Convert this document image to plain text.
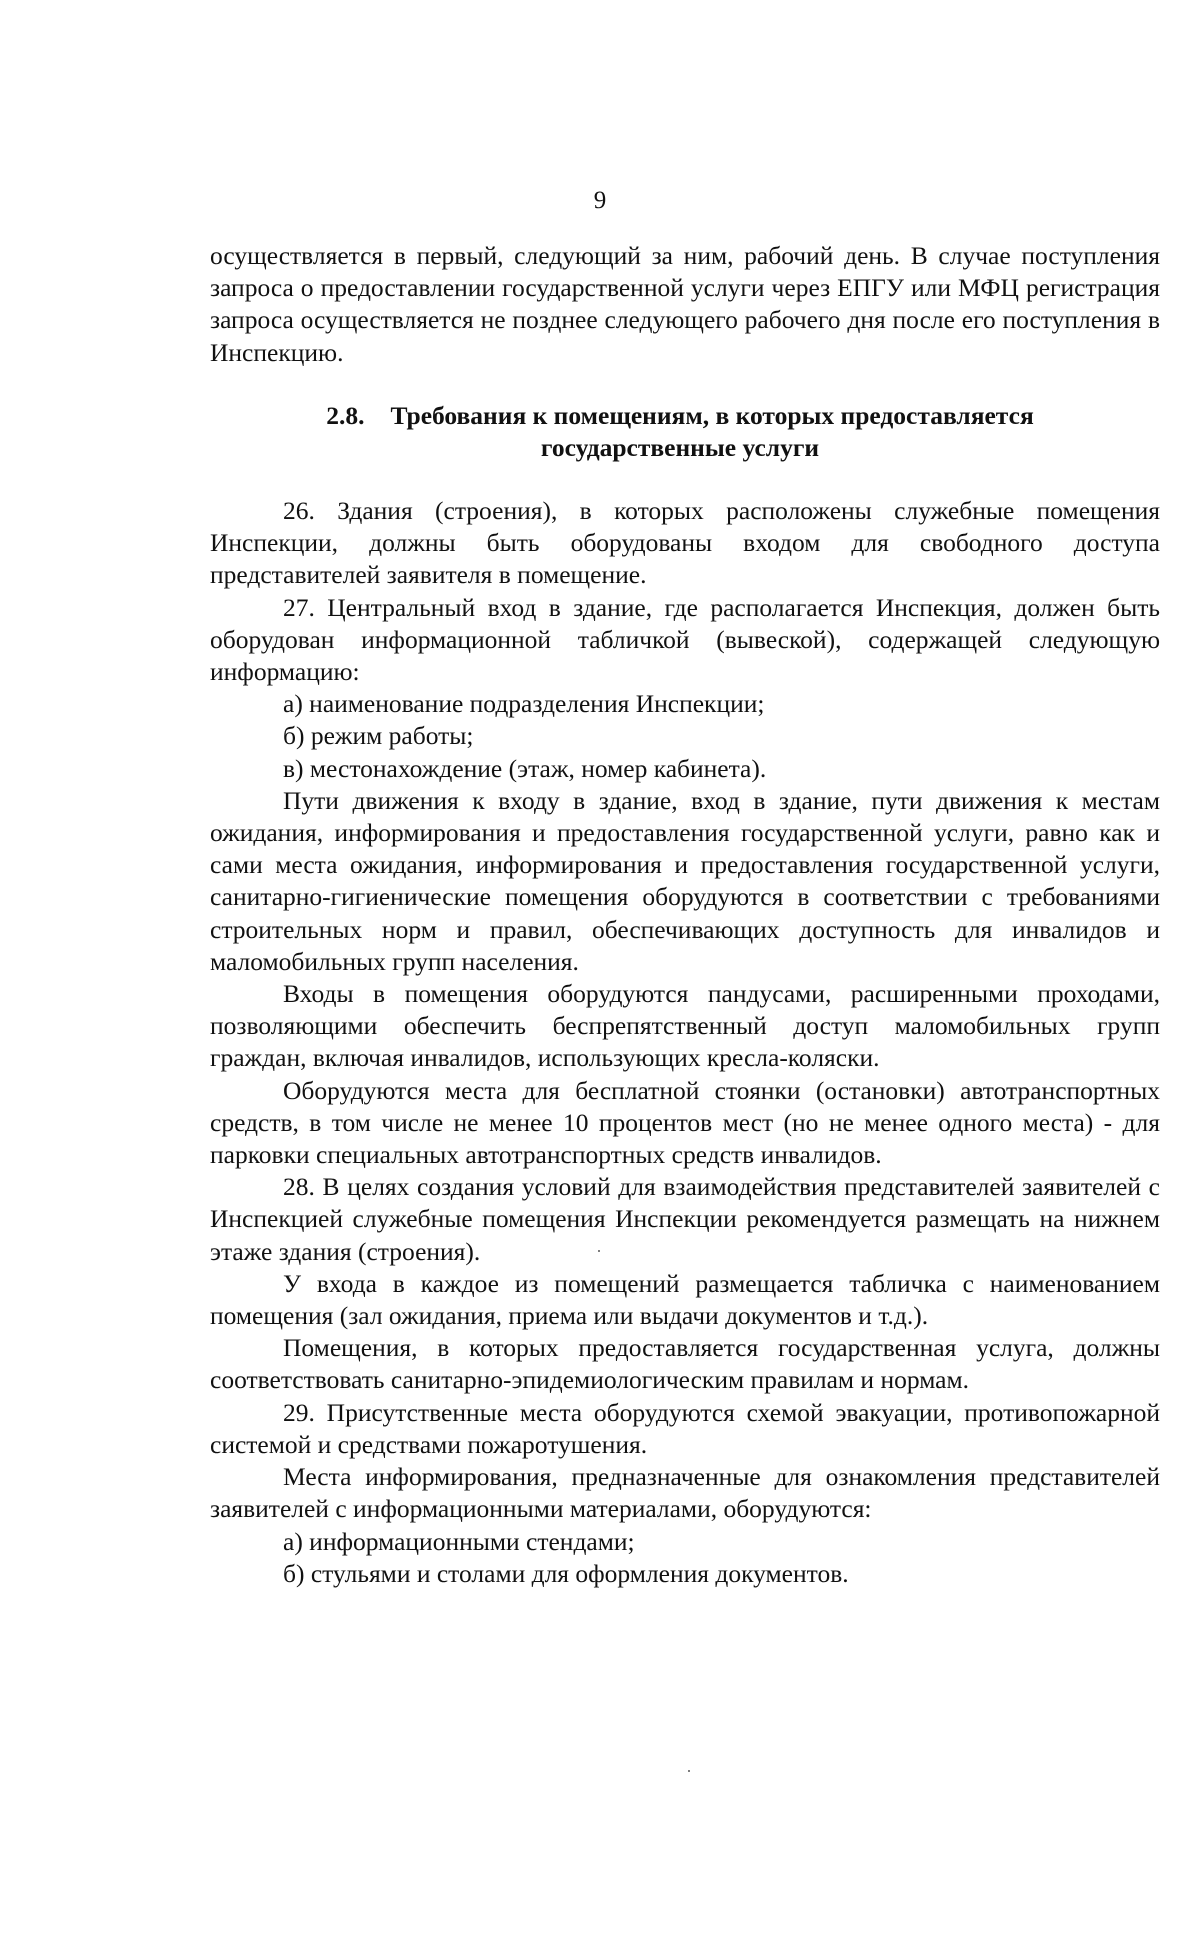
9

осуществляется в первый, следующий за ним, рабочий день. В случае поступления запроса о предоставлении государственной услуги через ЕПГУ или МФЦ регистрация запроса осуществляется не позднее следующего рабочего дня после его поступления в Инспекцию.

2.8. Требования к помещениям, в которых предоставляется
государственные услуги

26. Здания (строения), в которых расположены служебные помещения Инспекции, должны быть оборудованы входом для свободного доступа представителей заявителя в помещение.

27. Центральный вход в здание, где располагается Инспекция, должен быть оборудован информационной табличкой (вывеской), содержащей следующую информацию:

а) наименование подразделения Инспекции;

б) режим работы;

в) местонахождение (этаж, номер кабинета).

Пути движения к входу в здание, вход в здание, пути движения к местам ожидания, информирования и предоставления государственной услуги, равно как и сами места ожидания, информирования и предоставления государственной услуги, санитарно-гигиенические помещения оборудуются в соответствии с требованиями строительных норм и правил, обеспечивающих доступность для инвалидов и маломобильных групп населения.

Входы в помещения оборудуются пандусами, расширенными проходами, позволяющими обеспечить беспрепятственный доступ маломобильных групп граждан, включая инвалидов, использующих кресла-коляски.

Оборудуются места для бесплатной стоянки (остановки) автотранспортных средств, в том числе не менее 10 процентов мест (но не менее одного места) - для парковки специальных автотранспортных средств инвалидов.

28. В целях создания условий для взаимодействия представителей заявителей с Инспекцией служебные помещения Инспекции рекомендуется размещать на нижнем этаже здания (строения).

У входа в каждое из помещений размещается табличка с наименованием помещения (зал ожидания, приема или выдачи документов и т.д.).

Помещения, в которых предоставляется государственная услуга, должны соответствовать санитарно-эпидемиологическим правилам и нормам.

29. Присутственные места оборудуются схемой эвакуации, противопожарной системой и средствами пожаротушения.

Места информирования, предназначенные для ознакомления представителей заявителей с информационными материалами, оборудуются:

а) информационными стендами;

б) стульями и столами для оформления документов.
